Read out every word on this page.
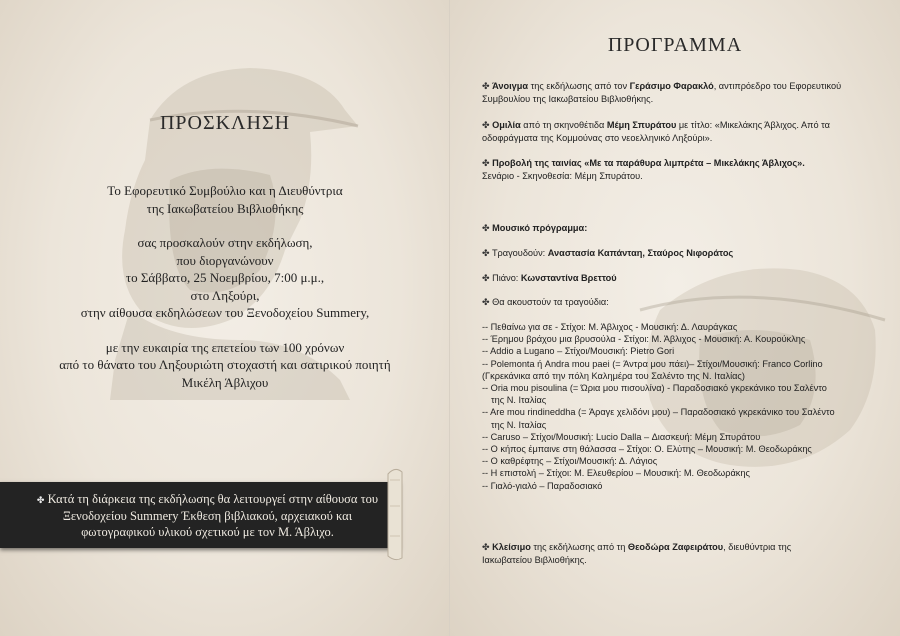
ΠΡΟΣΚΛΗΣΗ

Το Εφορευτικό Συμβούλιο και η Διευθύντρια
της Ιακωβατείου Βιβλιοθήκης

σας προσκαλούν στην εκδήλωση,
που διοργανώνουν
το Σάββατο, 25 Νοεμβρίου, 7:00 μ.μ.,
στο Ληξούρι,
στην αίθουσα εκδηλώσεων του Ξενοδοχείου Summery,

με την ευκαιρία της επετείου των 100 χρόνων
από το θάνατο του Ληξουριώτη στοχαστή και σατιρικού ποιητή
Μικέλη Άβλιχου

✤ Κατά τη διάρκεια της εκδήλωσης θα λειτουργεί στην αίθουσα του
Ξενοδοχείου Summery Έκθεση βιβλιακού, αρχειακού και
φωτογραφικού υλικού σχετικού με τον Μ. Άβλιχο.
ΠΡΟΓΡΑΜΜΑ
✤ Άνοιγμα της εκδήλωσης από τον Γεράσιμο Φαρακλό, αντιπρόεδρο του Εφορευτικού
Συμβουλίου της Ιακωβατείου Βιβλιοθήκης.
✤ Ομιλία από τη σκηνοθέτιδα Μέμη Σπυράτου με τίτλο: «Μικελάκης Άβλιχος. Από τα
οδοφράγματα της Κομμούνας στο νεοελληνικό Ληξούρι».
✤ Προβολή της ταινίας «Με τα παράθυρα λιμπρέτα – Μικελάκης Άβλιχος».
Σενάριο - Σκηνοθεσία: Μέμη Σπυράτου.
✤ Μουσικό πρόγραμμα:
✤ Τραγουδούν: Αναστασία Καπάνταη, Σταύρος Νιφοράτος
✤ Πιάνο: Κωνσταντίνα Βρεττού
✤ Θα ακουστούν τα τραγούδια:
-- Πεθαίνω για σε - Στίχοι: Μ. Άβλιχος - Μουσική: Δ. Λαυράγκας
-- Έρημου βράχου μια βρυσούλα - Στίχοι: Μ. Άβλιχος - Μουσική: Α. Κουρούκλης
-- Addio a Lugano – Στίχοι/Μουσική: Pietro Gori
-- Polemonta ή Andra mou paei (= Άντρα μου πάει)– Στίχοι/Μουσική: Franco Corlino
(Γκρεκάνικα από την πόλη Καλημέρα του Σαλέντο της Ν. Ιταλίας)
-- Oria mou pisoulina (= Ώρια μου πισουλίνα) - Παραδοσιακό γκρεκάνικο του Σαλέντο
της Ν. Ιταλίας
-- Are mou rindineddha (= Άραγε χελιδόνι μου) – Παραδοσιακό γκρεκάνικο του Σαλέντο
της Ν. Ιταλίας
-- Caruso – Στίχοι/Μουσική: Lucio Dalla – Διασκευή: Μέμη Σπυράτου
-- Ο κήπος έμπαινε στη θάλασσα – Στίχοι: Ο. Ελύτης – Μουσική: Μ. Θεοδωράκης
-- Ο καθρέφτης – Στίχοι/Μουσική: Δ. Λάγιος
-- Η επιστολή – Στίχοι: Μ. Ελευθερίου – Μουσική: Μ. Θεοδωράκης
-- Γιαλό-γιαλό – Παραδοσιακό
✤ Κλείσιμο της εκδήλωσης από τη Θεοδώρα Ζαφειράτου, διευθύντρια της
Ιακωβατείου Βιβλιοθήκης.
